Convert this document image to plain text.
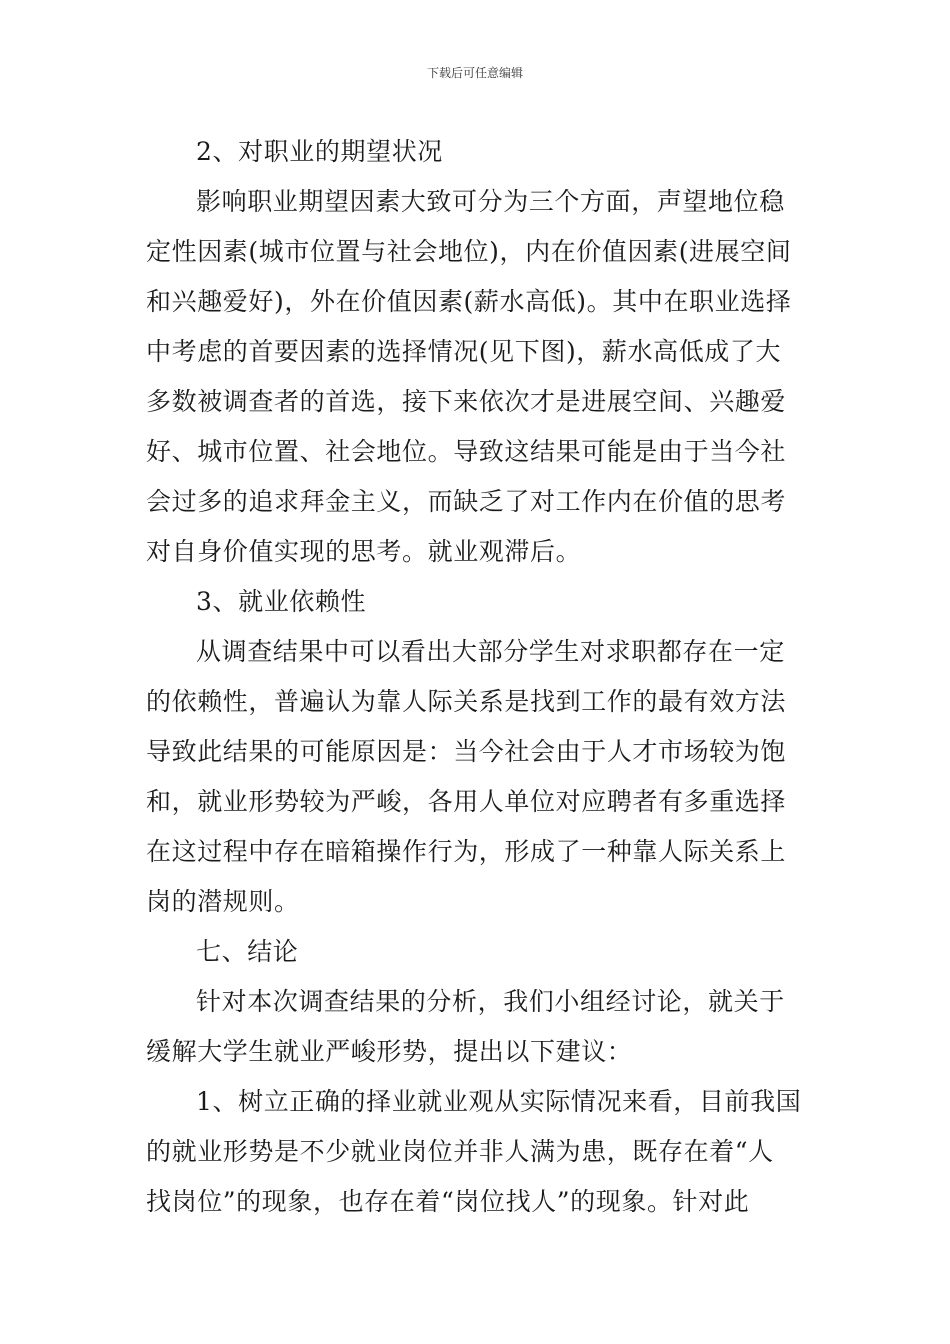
下载后可任意编辑
2、对职业的期望状况
影响职业期望因素大致可分为三个方面，声望地位稳
定性因素(城市位置与社会地位)，内在价值因素(进展空间
和兴趣爱好)，外在价值因素(薪水高低)。其中在职业选择
中考虑的首要因素的选择情况(见下图)，薪水高低成了大
多数被调查者的首选，接下来依次才是进展空间、兴趣爱
好、城市位置、社会地位。导致这结果可能是由于当今社
会过多的追求拜金主义，而缺乏了对工作内在价值的思考
对自身价值实现的思考。就业观滞后。
3、就业依赖性
从调查结果中可以看出大部分学生对求职都存在一定
的依赖性，普遍认为靠人际关系是找到工作的最有效方法
导致此结果的可能原因是：当今社会由于人才市场较为饱
和，就业形势较为严峻，各用人单位对应聘者有多重选择
在这过程中存在暗箱操作行为，形成了一种靠人际关系上
岗的潜规则。
七、结论
针对本次调查结果的分析，我们小组经讨论，就关于
缓解大学生就业严峻形势，提出以下建议：
1、树立正确的择业就业观从实际情况来看，目前我国
的就业形势是不少就业岗位并非人满为患，既存在着“人
找岗位”的现象，也存在着“岗位找人”的现象。针对此
